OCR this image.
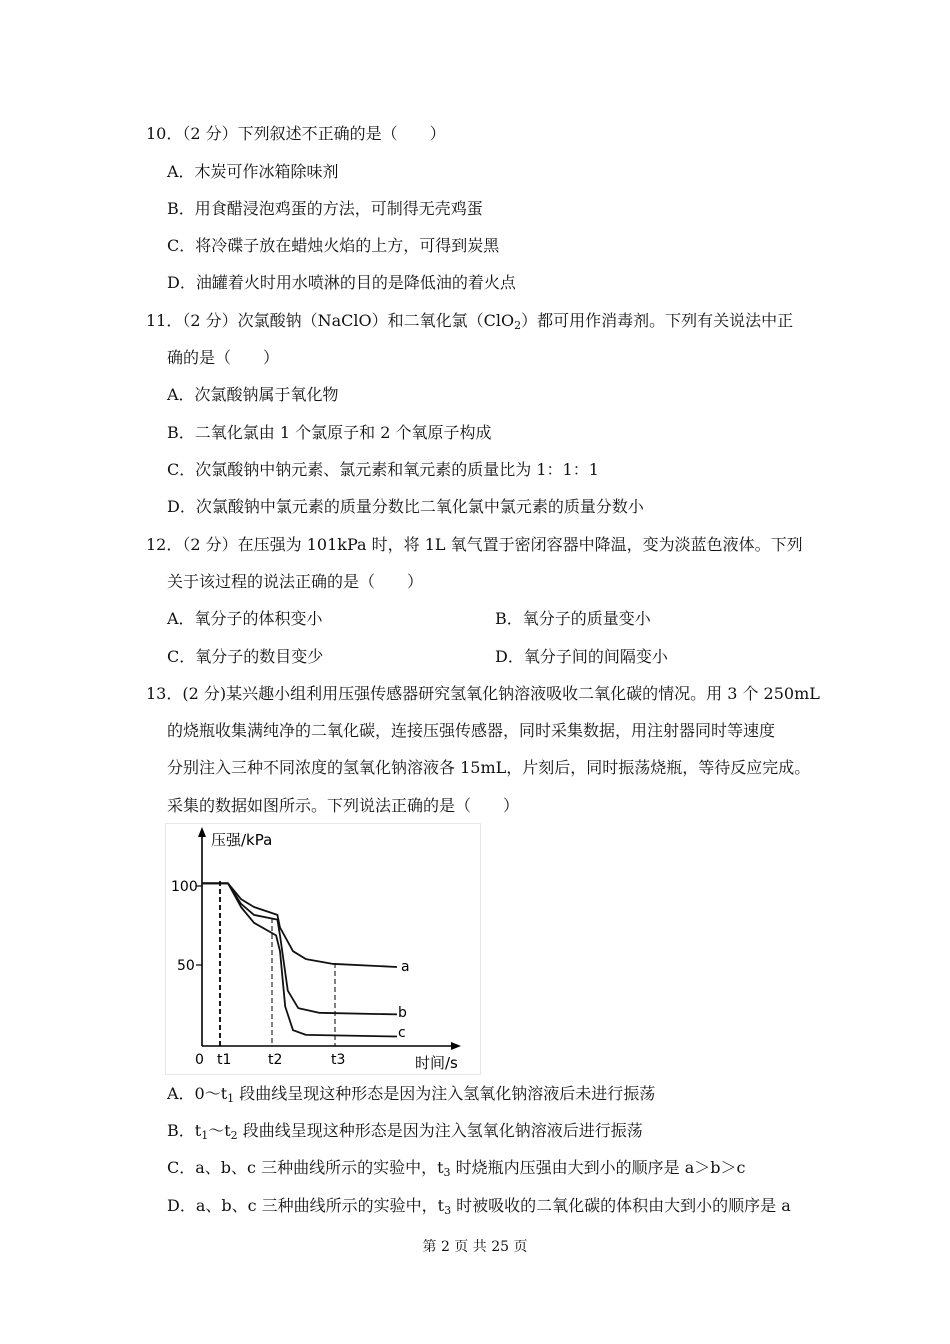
10．（2 分）下列叙述不正确的是（　　）
A．木炭可作冰箱除味剂
B．用食醋浸泡鸡蛋的方法，可制得无壳鸡蛋
C．将冷碟子放在蜡烛火焰的上方，可得到炭黑
D．油罐着火时用水喷淋的目的是降低油的着火点
11．（2 分）次氯酸钠（NaClO）和二氧化氯（ClO$_2$）都可用作消毒剂。下列有关说法中正
确的是（　　）
A．次氯酸钠属于氧化物
B．二氧化氯由 1 个氯原子和 2 个氧原子构成
C．次氯酸钠中钠元素、氯元素和氧元素的质量比为 1：1：1
D．次氯酸钠中氯元素的质量分数比二氧化氯中氯元素的质量分数小
12．（2 分）在压强为 101kPa 时，将 1L 氧气置于密闭容器中降温，变为淡蓝色液体。下列
关于该过程的说法正确的是（　　）
A．氧分子的体积变小	B．氧分子的质量变小
C．氧分子的数目变少	D．氧分子间的间隔变小
13．(2 分)某兴趣小组利用压强传感器研究氢氧化钠溶液吸收二氧化碳的情况。用 3 个 250mL
的烧瓶收集满纯净的二氧化碳，连接压强传感器，同时采集数据，用注射器同时等速度
分别注入三种不同浓度的氢氧化钠溶液各 15mL，片刻后，同时振荡烧瓶，等待反应完成。
采集的数据如图所示。下列说法正确的是（　　）
压强/kPa
时间/s
100
50
0 t1	t2	t3
a
b
c
A．$0\sim t_1$ 段曲线呈现这种形态是因为注入氢氧化钠溶液后未进行振荡
B．$t_1\sim t_2$ 段曲线呈现这种形态是因为注入氢氧化钠溶液后进行振荡
C．a、b、c 三种曲线所示的实验中，$t_3$ 时烧瓶内压强由大到小的顺序是 a＞b＞c
D．a、b、c 三种曲线所示的实验中，$t_3$ 时被吸收的二氧化碳的体积由大到小的顺序是 a
第 2 页 共 25 页
